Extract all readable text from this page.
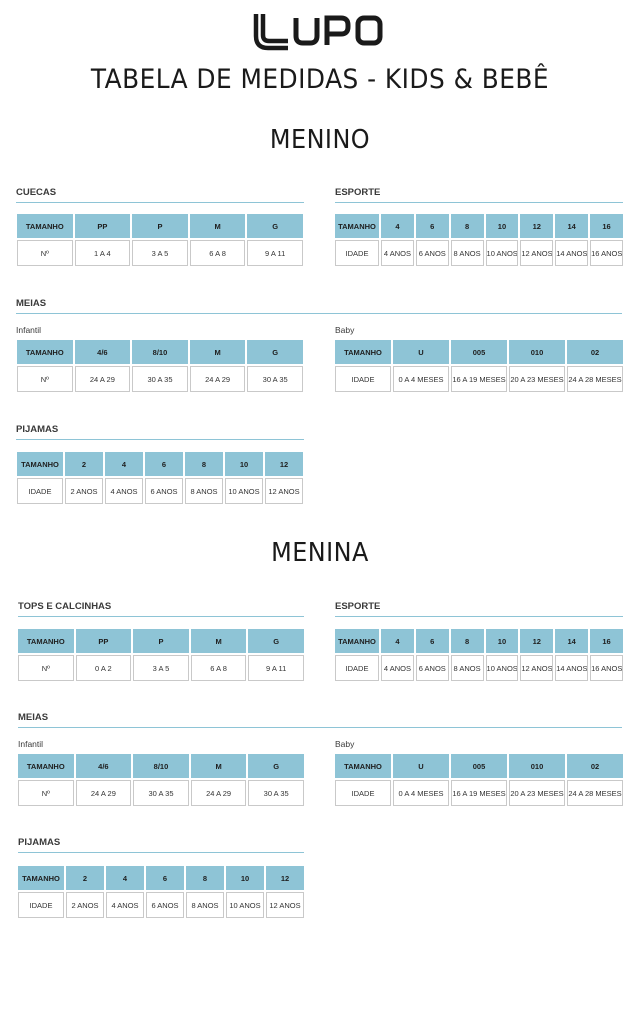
TABELA DE MEDIDAS - KIDS & BEBÊ
MENINO
CUECAS
TAMANHO	PP	P	M	G
Nº	1 A 4	3 A 5	6 A 8	9 A 11
ESPORTE
TAMANHO	4	6	8	10	12	14	16
IDADE	4 ANOS	6 ANOS	8 ANOS	10 ANOS	12 ANOS	14 ANOS	16 ANOS
MEIAS
Infantil
TAMANHO	4/6	8/10	M	G
Nº	24 A 29	30 A 35	24 A 29	30 A 35
Baby
TAMANHO	U	005	010	02
IDADE	0 A 4 MESES	16 A 19 MESES	20 A 23 MESES	24 A 28 MESES
PIJAMAS
TAMANHO	2	4	6	8	10	12
IDADE	2 ANOS	4 ANOS	6 ANOS	8 ANOS	10 ANOS	12 ANOS
MENINA
TOPS E CALCINHAS
TAMANHO	PP	P	M	G
Nº	0 A 2	3 A 5	6 A 8	9 A 11
ESPORTE
TAMANHO	4	6	8	10	12	14	16
IDADE	4 ANOS	6 ANOS	8 ANOS	10 ANOS	12 ANOS	14 ANOS	16 ANOS
MEIAS
Infantil
TAMANHO	4/6	8/10	M	G
Nº	24 A 29	30 A 35	24 A 29	30 A 35
Baby
TAMANHO	U	005	010	02
IDADE	0 A 4 MESES	16 A 19 MESES	20 A 23 MESES	24 A 28 MESES
PIJAMAS
TAMANHO	2	4	6	8	10	12
IDADE	2 ANOS	4 ANOS	6 ANOS	8 ANOS	10 ANOS	12 ANOS
